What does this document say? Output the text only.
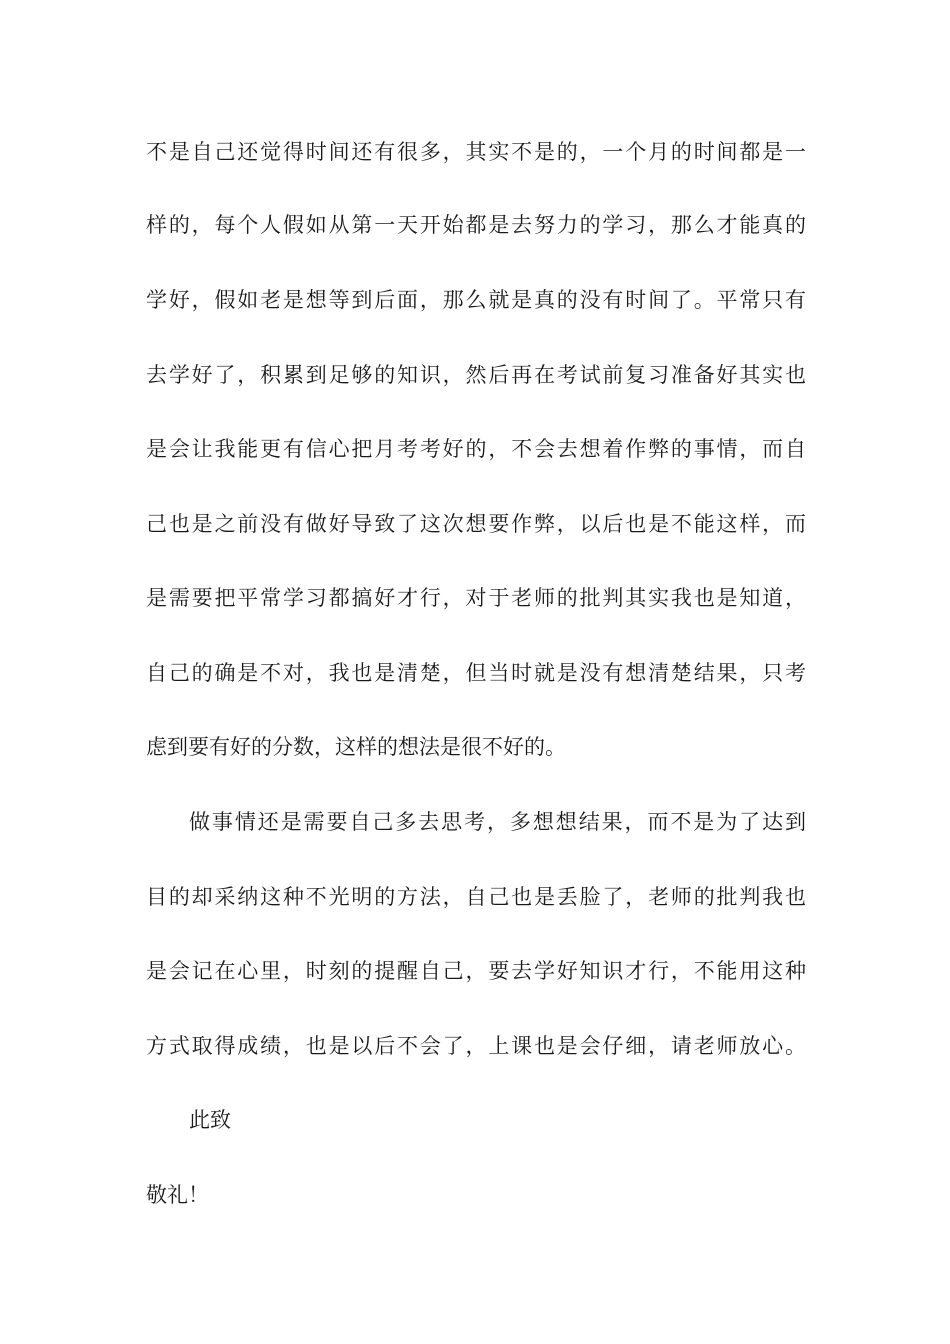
不是自己还觉得时间还有很多，其实不是的，一个月的时间都是一
样的，每个人假如从第一天开始都是去努力的学习，那么才能真的
学好，假如老是想等到后面，那么就是真的没有时间了。平常只有
去学好了，积累到足够的知识，然后再在考试前复习准备好其实也
是会让我能更有信心把月考考好的，不会去想着作弊的事情，而自
己也是之前没有做好导致了这次想要作弊，以后也是不能这样，而
是需要把平常学习都搞好才行，对于老师的批判其实我也是知道，
自己的确是不对，我也是清楚，但当时就是没有想清楚结果，只考
虑到要有好的分数，这样的想法是很不好的。
做事情还是需要自己多去思考，多想想结果，而不是为了达到
目的却采纳这种不光明的方法，自己也是丢脸了，老师的批判我也
是会记在心里，时刻的提醒自己，要去学好知识才行，不能用这种
方式取得成绩，也是以后不会了，上课也是会仔细，请老师放心。
此致
敬礼！
